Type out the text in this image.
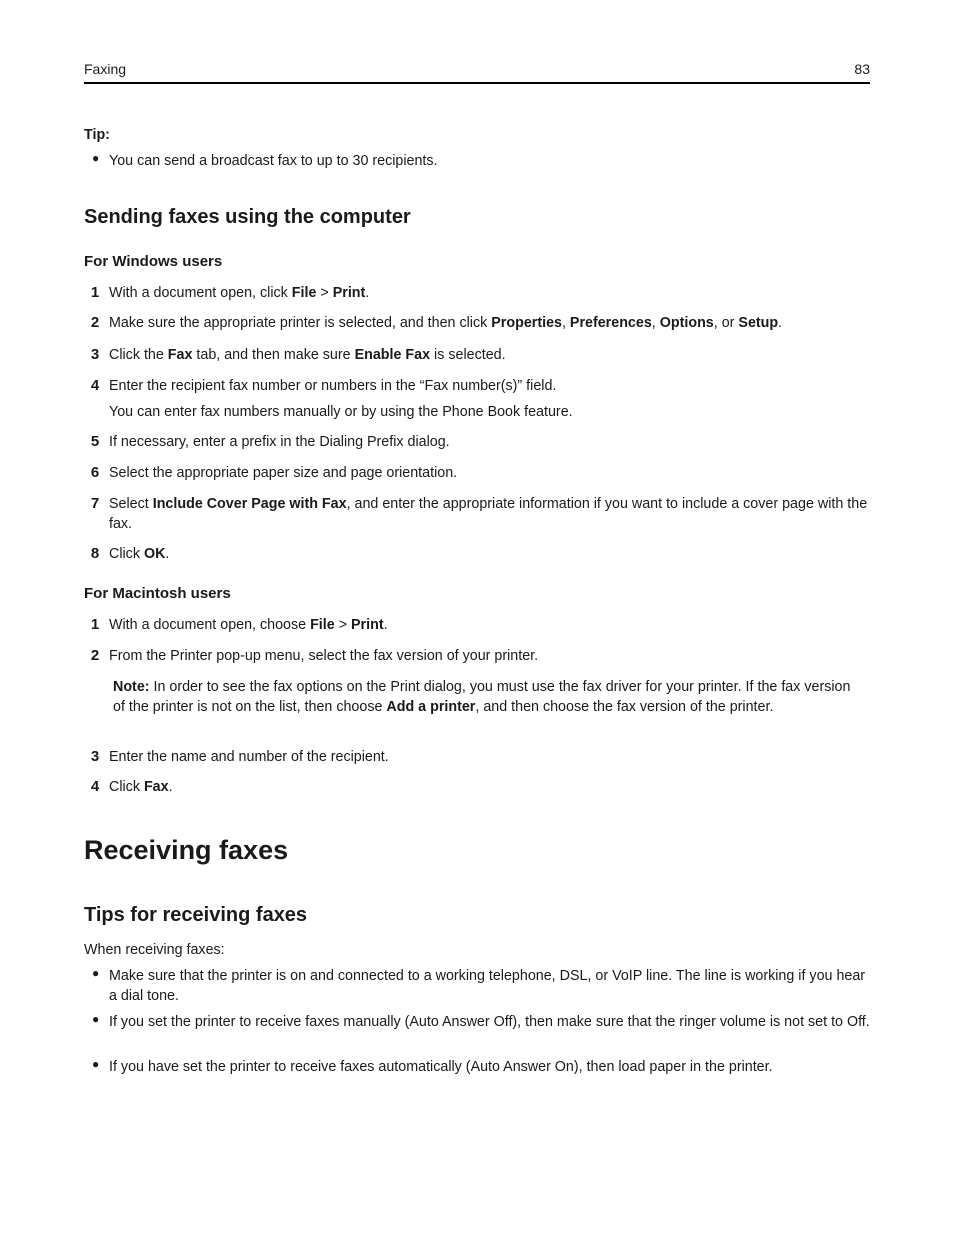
Faxing	83
Tip:
● You can send a broadcast fax to up to 30 recipients.
Sending faxes using the computer
For Windows users
1 With a document open, click File > Print.
2 Make sure the appropriate printer is selected, and then click Properties, Preferences, Options, or Setup.
3 Click the Fax tab, and then make sure Enable Fax is selected.
4 Enter the recipient fax number or numbers in the “Fax number(s)” field.
You can enter fax numbers manually or by using the Phone Book feature.
5 If necessary, enter a prefix in the Dialing Prefix dialog.
6 Select the appropriate paper size and page orientation.
7 Select Include Cover Page with Fax, and enter the appropriate information if you want to include a cover page with the fax.
8 Click OK.
For Macintosh users
1 With a document open, choose File > Print.
2 From the Printer pop-up menu, select the fax version of your printer.
Note: In order to see the fax options on the Print dialog, you must use the fax driver for your printer. If the fax version of the printer is not on the list, then choose Add a printer, and then choose the fax version of the printer.
3 Enter the name and number of the recipient.
4 Click Fax.
Receiving faxes
Tips for receiving faxes
When receiving faxes:
● Make sure that the printer is on and connected to a working telephone, DSL, or VoIP line. The line is working if you hear a dial tone.
● If you set the printer to receive faxes manually (Auto Answer Off), then make sure that the ringer volume is not set to Off.
● If you have set the printer to receive faxes automatically (Auto Answer On), then load paper in the printer.
